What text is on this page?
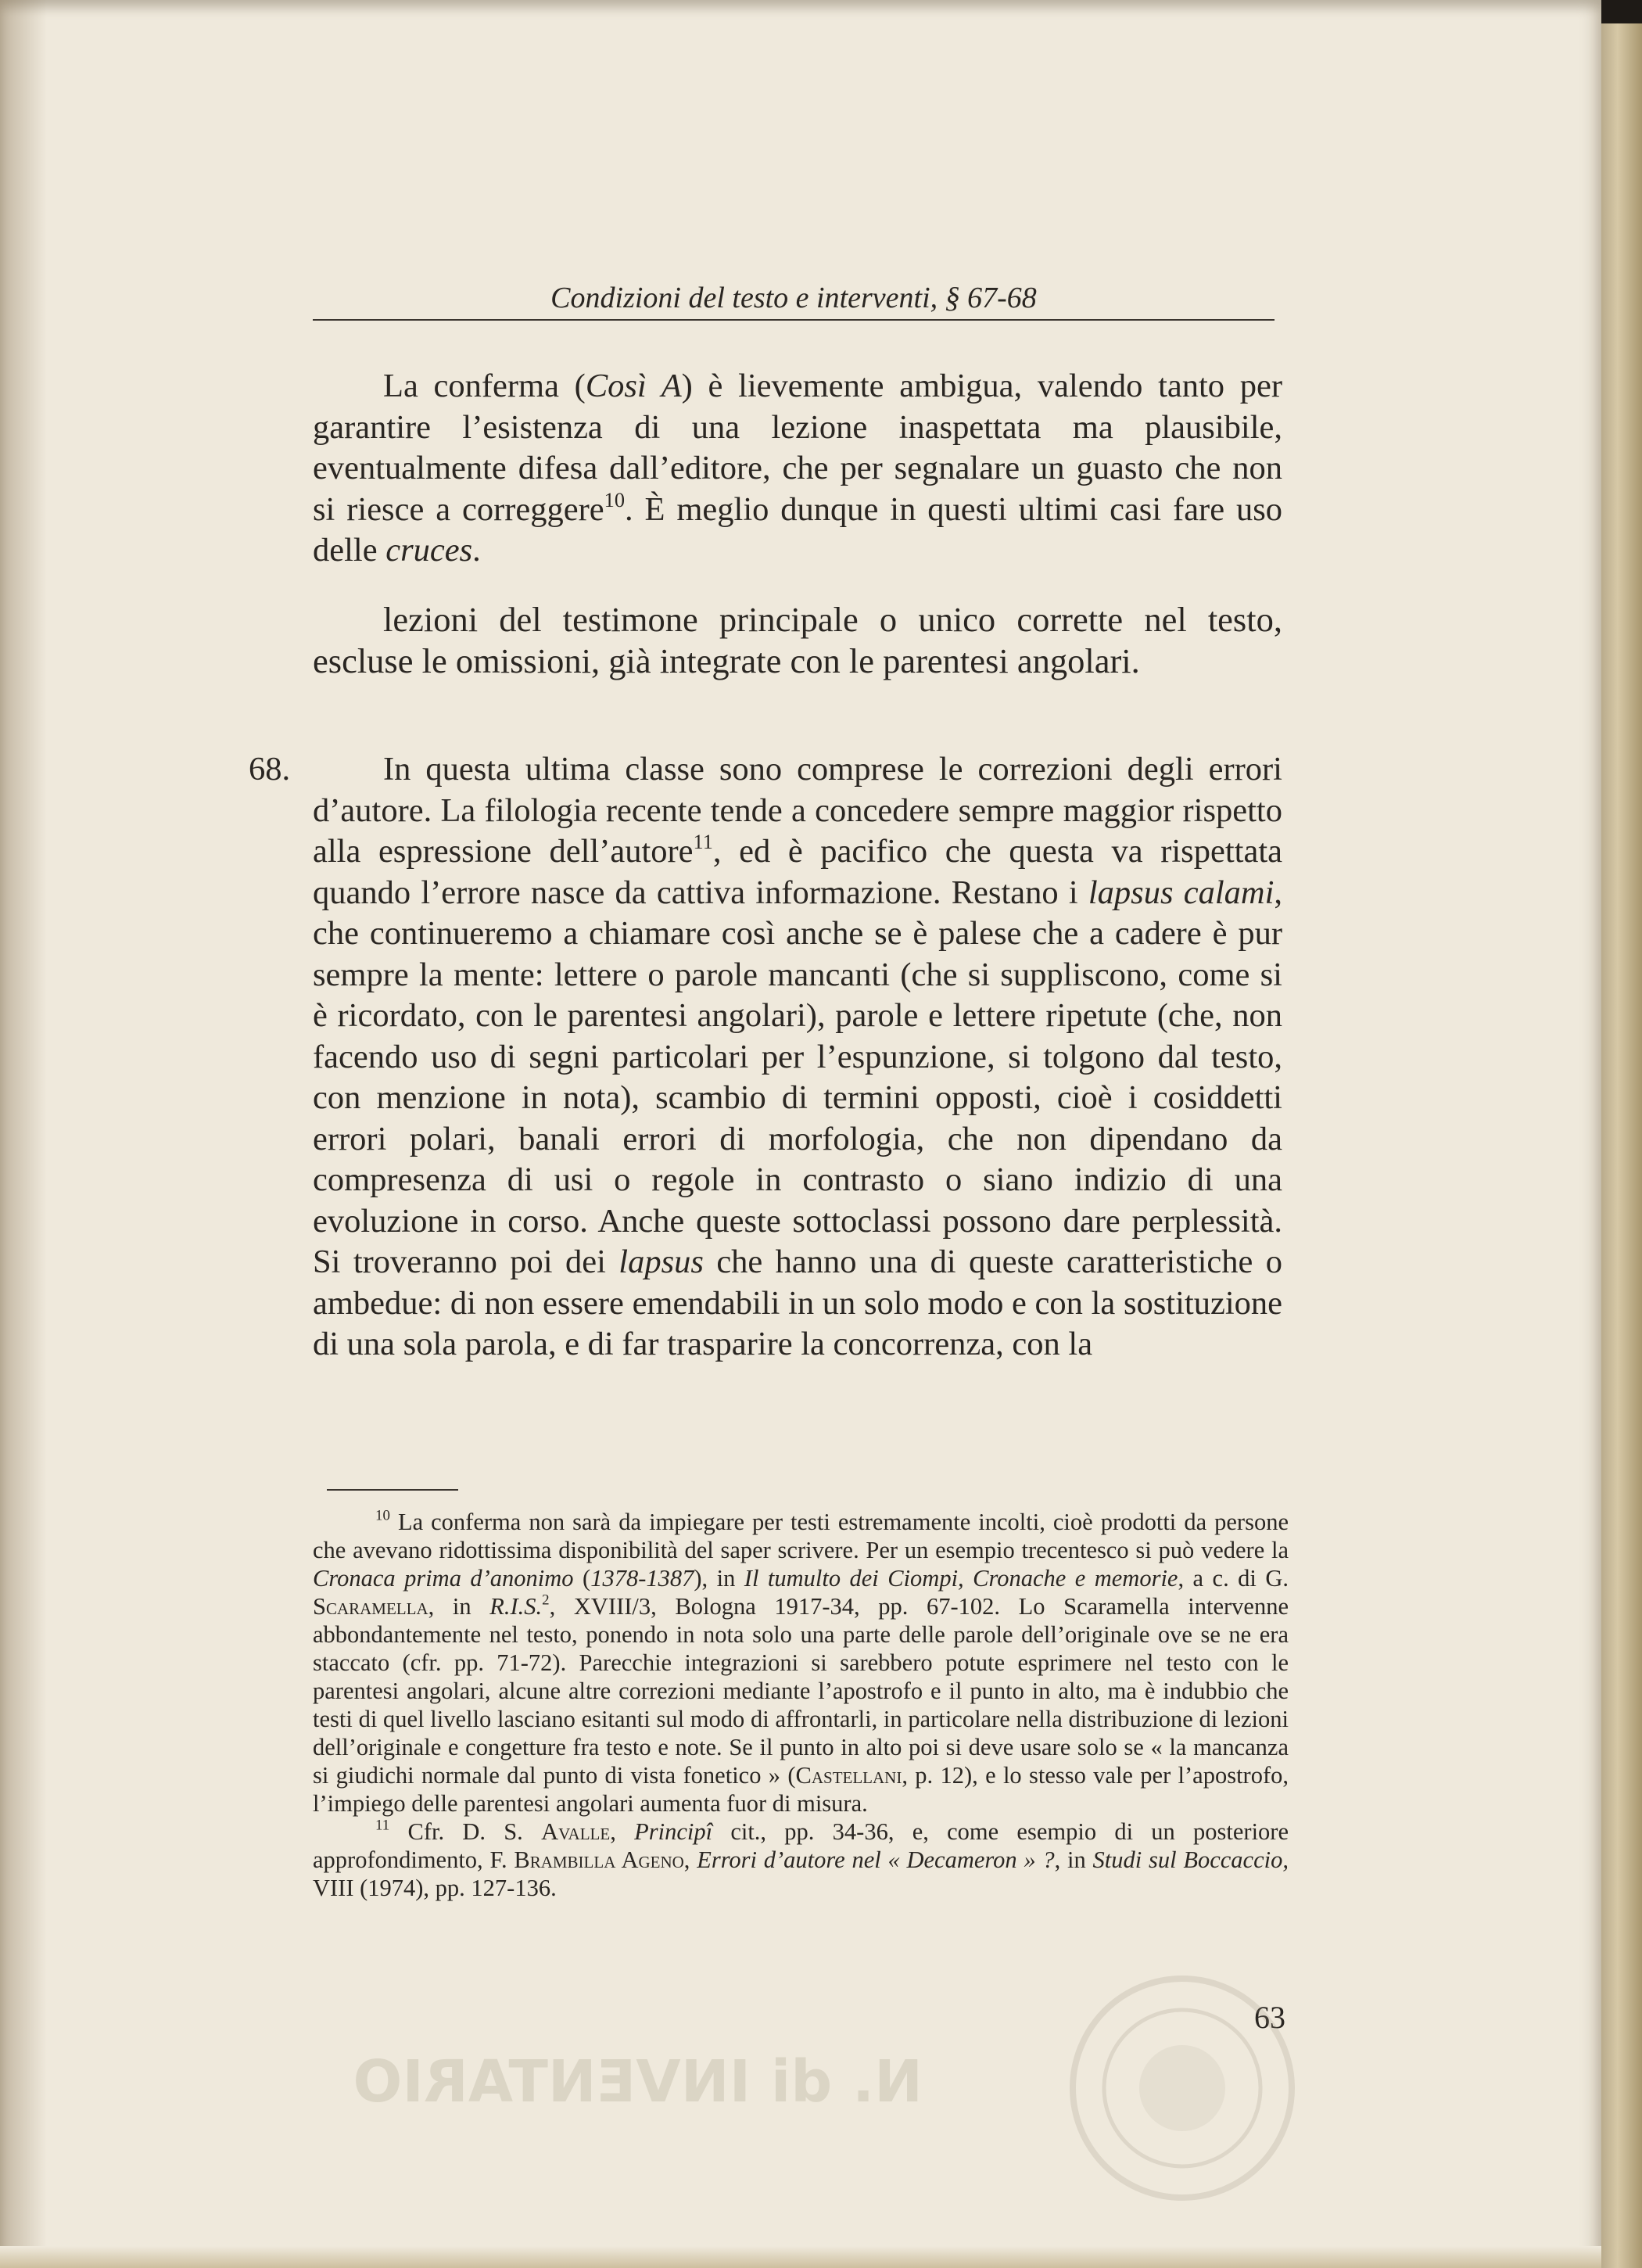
Condizioni del testo e interventi, § 67-68

La conferma (Così A) è lievemente ambigua, valendo tanto per garantire l’esistenza di una lezione inaspettata ma plausibile, eventualmente difesa dall’editore, che per segnalare un guasto che non si riesce a correggere$^{10}$. È meglio dunque in questi ultimi casi fare uso delle cruces.

lezioni del testimone principale o unico corrette nel testo, escluse le omissioni, già integrate con le parentesi angolari.

68.	In questa ultima classe sono comprese le correzioni degli errori d’autore. La filologia recente tende a concedere sempre maggior rispetto alla espressione dell’autore$^{11}$, ed è pacifico che questa va rispettata quando l’errore nasce da cattiva informazione. Restano i lapsus calami, che continueremo a chiamare così anche se è palese che a cadere è pur sempre la mente: lettere o parole mancanti (che si suppliscono, come si è ricordato, con le parentesi angolari), parole e lettere ripetute (che, non facendo uso di segni particolari per l’espunzione, si tolgono dal testo, con menzione in nota), scambio di termini opposti, cioè i cosiddetti errori polari, banali errori di morfologia, che non dipendano da compresenza di usi o regole in contrasto o siano indizio di una evoluzione in corso. Anche queste sottoclassi possono dare perplessità. Si troveranno poi dei lapsus che hanno una di queste caratteristiche o ambedue: di non essere emendabili in un solo modo e con la sostituzione di una sola parola, e di far trasparire la concorrenza, con la

$^{10}$ La conferma non sarà da impiegare per testi estremamente incolti, cioè prodotti da persone che avevano ridottissima disponibilità del saper scrivere. Per un esempio trecentesco si può vedere la Cronaca prima d’anonimo (1378-1387), in Il tumulto dei Ciompi, Cronache e memorie, a c. di G. Scaramella, in R.I.S.$^2$, XVIII/3, Bologna 1917-34, pp. 67-102. Lo Scaramella intervenne abbondantemente nel testo, ponendo in nota solo una parte delle parole dell’originale ove se ne era staccato (cfr. pp. 71-72). Parecchie integrazioni si sarebbero potute esprimere nel testo con le parentesi angolari, alcune altre correzioni mediante l’apostrofo e il punto in alto, ma è indubbio che testi di quel livello lasciano esitanti sul modo di affrontarli, in particolare nella distribuzione di lezioni dell’originale e congetture fra testo e note. Se il punto in alto poi si deve usare solo se « la mancanza si giudichi normale dal punto di vista fonetico » (Castellani, p. 12), e lo stesso vale per l’apostrofo, l’impiego delle parentesi angolari aumenta fuor di misura.

$^{11}$ Cfr. D. S. Avalle, Principî cit., pp. 34-36, e, come esempio di un posteriore approfondimento, F. Brambilla Ageno, Errori d’autore nel « Decameron » ?, in Studi sul Boccaccio, VIII (1974), pp. 127-136.

63
N. di INVENTARIO
